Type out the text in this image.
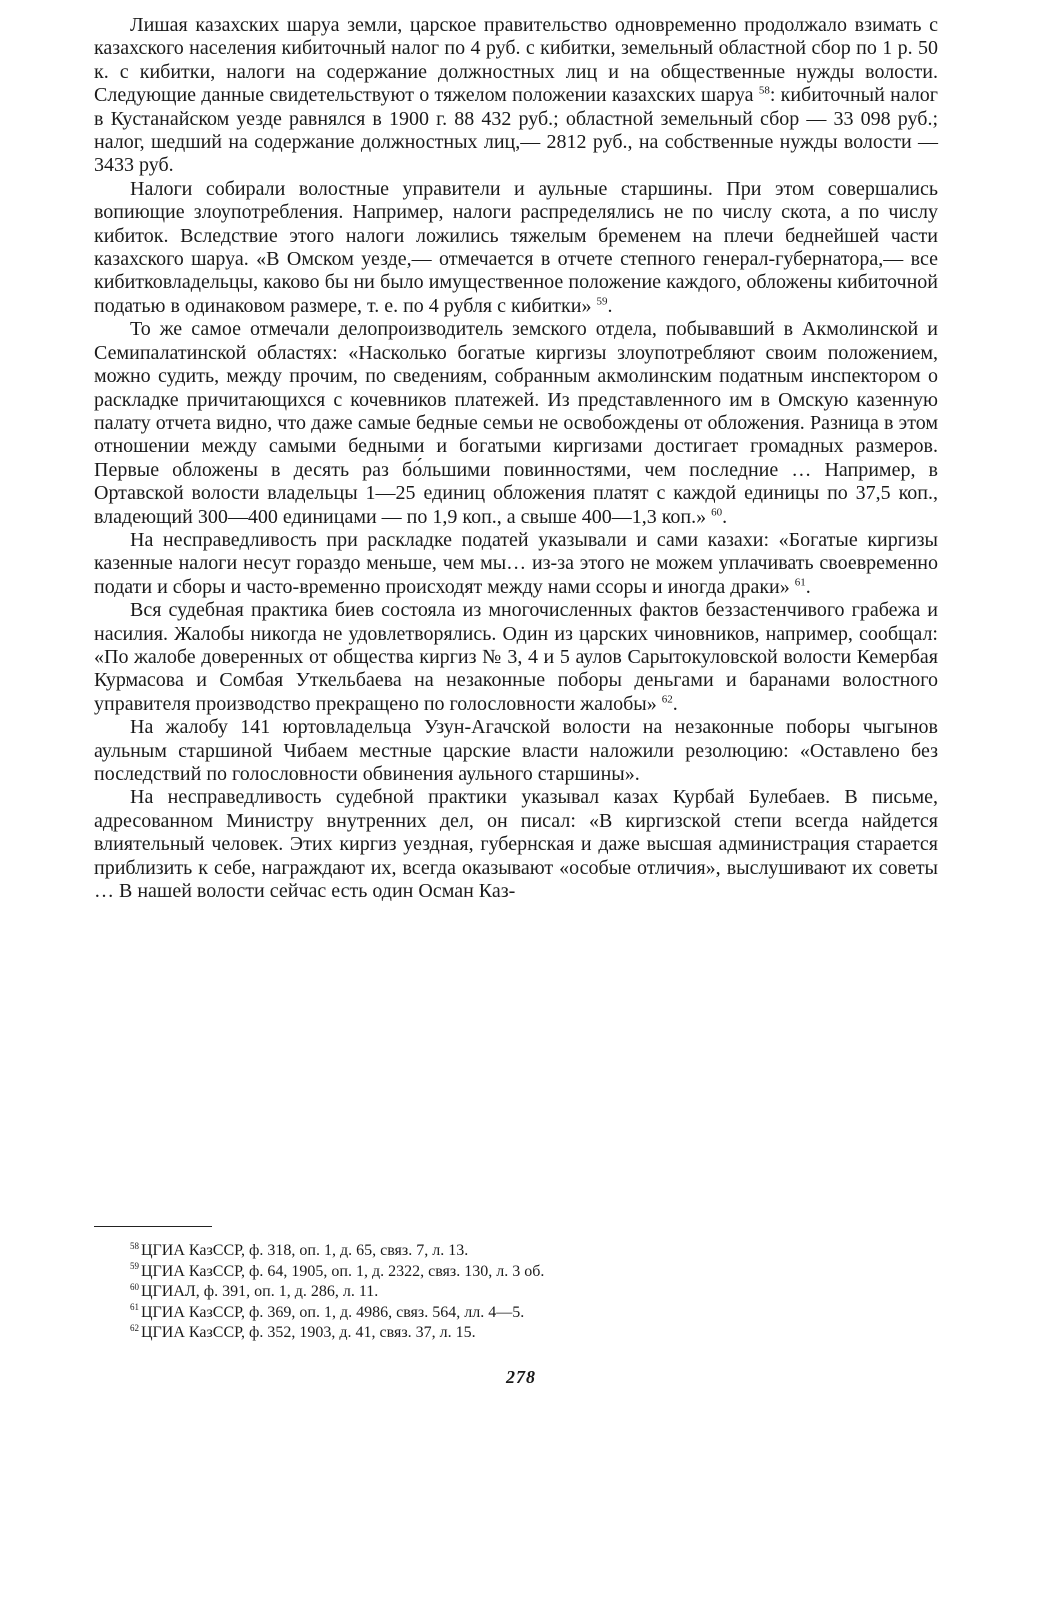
Лишая казахских шаруа земли, царское правительство одновременно продолжало взимать с казахского населения кибиточный налог по 4 руб. с кибитки, земельный областной сбор по 1 р. 50 к. с кибитки, налоги на содержание должностных лиц и на общественные нужды волости. Следующие данные свидетельствуют о тяжелом положении казахских шаруа $^{58}$: кибиточный налог в Кустанайском уезде равнялся в 1900 г. 88 432 руб.; областной земельный сбор — 33 098 руб.; налог, шедший на содержание должностных лиц,— 2812 руб., на собственные нужды волости — 3433 руб.

Налоги собирали волостные управители и аульные старшины. При этом совершались вопиющие злоупотребления. Например, налоги распределялись не по числу скота, а по числу кибиток. Вследствие этого налоги ложились тяжелым бременем на плечи беднейшей части казахского шаруа. «В Омском уезде,— отмечается в отчете степного генерал-губернатора,— все кибитковладельцы, каково бы ни было имущественное положение каждого, обложены кибиточной податью в одинаковом размере, т. е. по 4 рубля с кибитки» $^{59}$.

То же самое отмечали делопроизводитель земского отдела, побывавший в Акмолинской и Семипалатинской областях: «Насколько богатые киргизы злоупотребляют своим положением, можно судить, между прочим, по сведениям, собранным акмолинским податным инспектором о раскладке причитающихся с кочевников платежей. Из представленного им в Омскую казенную палату отчета видно, что даже самые бедные семьи не освобождены от обложения. Разница в этом отношении между самыми бедными и богатыми киргизами достигает громадных размеров. Первые обложены в десять раз бо́льшими повинностями, чем последние … Например, в Ортавской волости владельцы 1—25 единиц обложения платят с каждой единицы по 37,5 коп., владеющий 300—400 единицами — по 1,9 коп., а свыше 400—1,3 коп.» $^{60}$.

На несправедливость при раскладке податей указывали и сами казахи: «Богатые киргизы казенные налоги несут гораздо меньше, чем мы… из-за этого не можем уплачивать своевременно подати и сборы и часто-временно происходят между нами ссоры и иногда драки» $^{61}$.

Вся судебная практика биев состояла из многочисленных фактов беззастенчивого грабежа и насилия. Жалобы никогда не удовлетворялись. Один из царских чиновников, например, сообщал: «По жалобе доверенных от общества киргиз № 3, 4 и 5 аулов Сарытокуловской волости Кемербая Курмасова и Сомбая Уткельбаева на незаконные поборы деньгами и баранами волостного управителя производство прекращено по голословности жалобы» $^{62}$.

На жалобу 141 юртовладельца Узун-Агачской волости на незаконные поборы чыгынов аульным старшиной Чибаем местные царские власти наложили резолюцию: «Оставлено без последствий по голословности обвинения аульного старшины».

На несправедливость судебной практики указывал казах Курбай Булебаев. В письме, адресованном Министру внутренних дел, он писал: «В киргизской степи всегда найдется влиятельный человек. Этих киргиз уездная, губернская и даже высшая администрация старается приблизить к себе, награждают их, всегда оказывают «особые отличия», выслушивают их советы … В нашей волости сейчас есть один Осман Каз-

$^{58}$ ЦГИА КазССР, ф. 318, оп. 1, д. 65, связ. 7, л. 13.
$^{59}$ ЦГИА КазССР, ф. 64, 1905, оп. 1, д. 2322, связ. 130, л. 3 об.
$^{60}$ ЦГИАЛ, ф. 391, оп. 1, д. 286, л. 11.
$^{61}$ ЦГИА КазССР, ф. 369, оп. 1, д. 4986, связ. 564, лл. 4—5.
$^{62}$ ЦГИА КазССР, ф. 352, 1903, д. 41, связ. 37, л. 15.
278
